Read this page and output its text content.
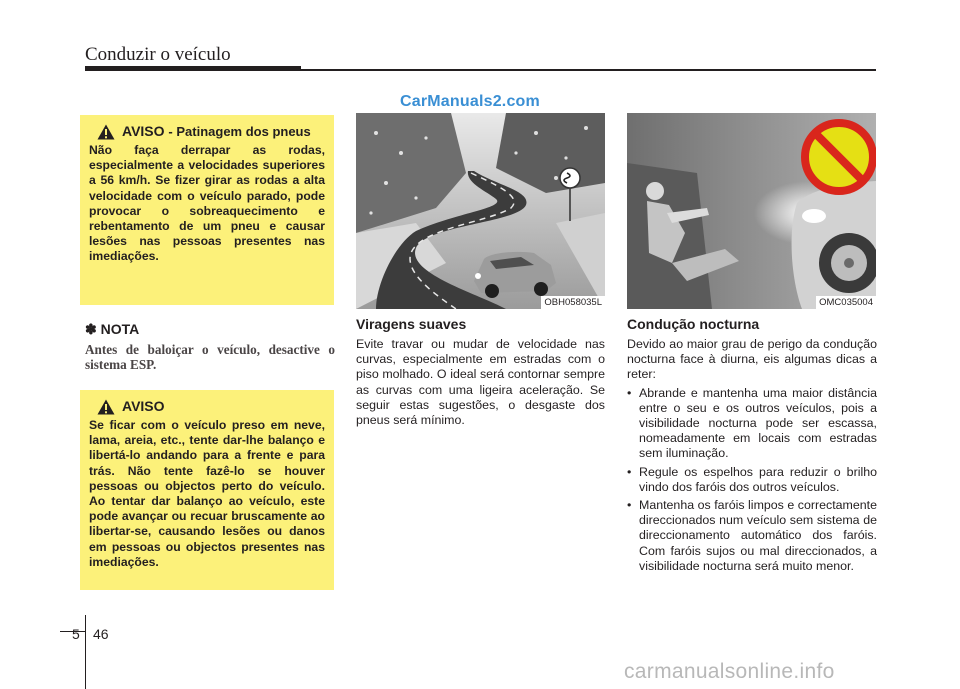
Conduzir o veículo
CarManuals2.com
AVISO - Patinagem dos pneus
Não faça derrapar as rodas, especialmente a velocidades superiores a 56 km/h. Se fizer girar as rodas a alta velocidade com o veículo parado, pode provocar o sobreaquecimento e rebentamento de um pneu e causar lesões nas pessoas presentes nas imediações.
✽ NOTA
Antes de baloiçar o veículo, desactive o sistema ESP.
AVISO
Se ficar com o veículo preso em neve, lama, areia, etc., tente dar-lhe balanço e libertá-lo andando para a frente e para trás. Não tente fazê-lo se houver pessoas ou objectos perto do veículo. Ao tentar dar balanço ao veículo, este pode avançar ou recuar bruscamente ao libertar-se, causando lesões ou danos em pessoas ou objectos presentes nas imediações.
OBH058035L	OMC035004
Viragens suaves
Evite travar ou mudar de velocidade nas curvas, especialmente em estradas com o piso molhado. O ideal será contornar sempre as curvas com uma ligeira aceleração. Se seguir estas sugestões, o desgaste dos pneus será mínimo.
Condução nocturna
Devido ao maior grau de perigo da condução nocturna face à diurna, eis algumas dicas a reter:
• Abrande e mantenha uma maior distância entre o seu e os outros veículos, pois a visibilidade nocturna pode ser escassa, nomeadamente em locais com estradas sem iluminação.
• Regule os espelhos para reduzir o brilho vindo dos faróis dos outros veículos.
• Mantenha os faróis limpos e correctamente direccionados num veículo sem sistema de direccionamento automático dos faróis. Com faróis sujos ou mal direccionados, a visibilidade nocturna será muito menor.
5 46
carmanualsonline.info
